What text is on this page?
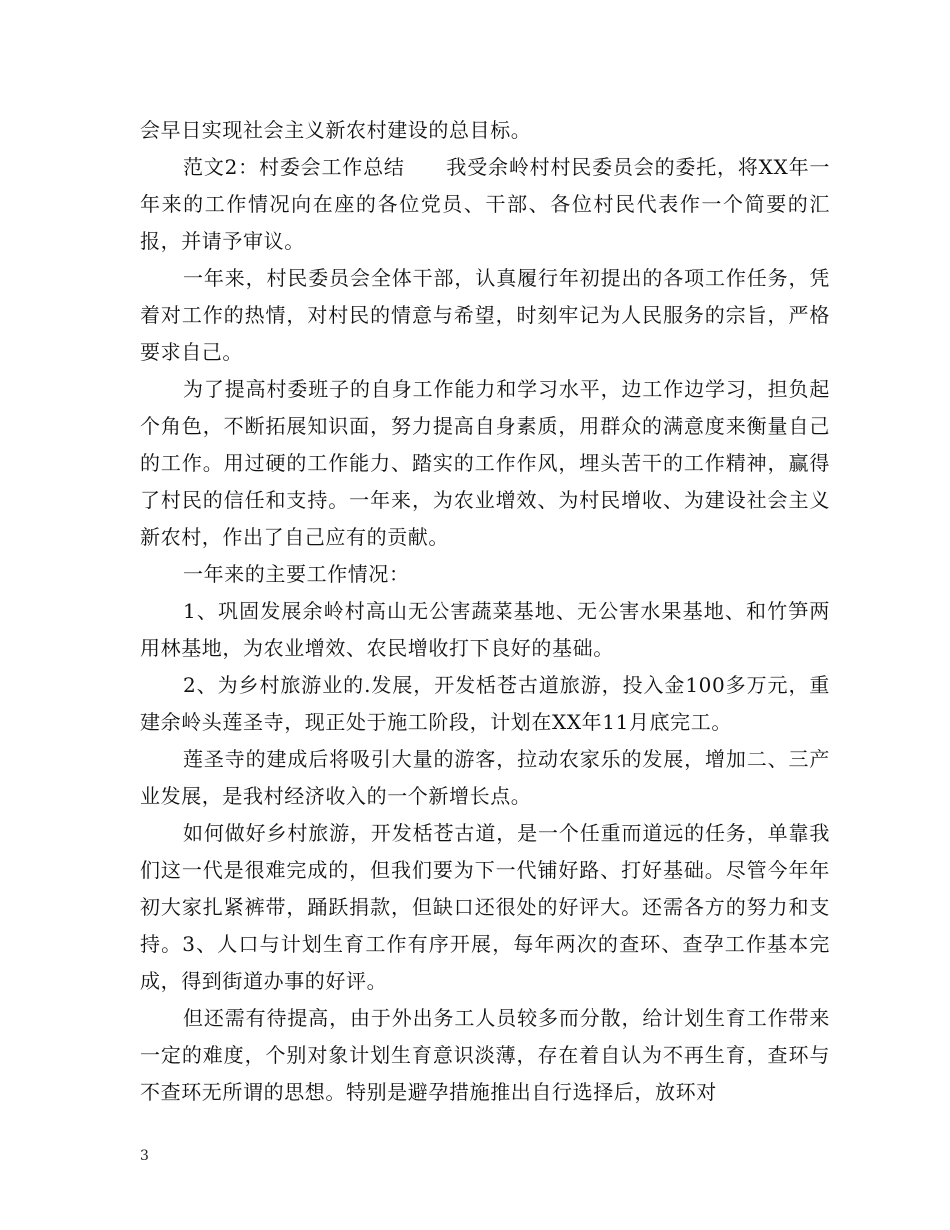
会早日实现社会主义新农村建设的总目标。

范文2：村委会工作总结　　我受余岭村村民委员会的委托，将XX年一年来的工作情况向在座的各位党员、干部、各位村民代表作一个简要的汇报，并请予审议。

一年来，村民委员会全体干部，认真履行年初提出的各项工作任务，凭着对工作的热情，对村民的情意与希望，时刻牢记为人民服务的宗旨，严格要求自己。

为了提高村委班子的自身工作能力和学习水平，边工作边学习，担负起个角色，不断拓展知识面，努力提高自身素质，用群众的满意度来衡量自己的工作。用过硬的工作能力、踏实的工作作风，埋头苦干的工作精神，赢得了村民的信任和支持。一年来，为农业增效、为村民增收、为建设社会主义新农村，作出了自己应有的贡献。

一年来的主要工作情况：

1、巩固发展余岭村高山无公害蔬菜基地、无公害水果基地、和竹笋两用林基地，为农业增效、农民增收打下良好的基础。

2、为乡村旅游业的.发展，开发栝苍古道旅游，投入金100多万元，重建余岭头莲圣寺，现正处于施工阶段，计划在XX年11月底完工。

莲圣寺的建成后将吸引大量的游客，拉动农家乐的发展，增加二、三产业发展，是我村经济收入的一个新增长点。

如何做好乡村旅游，开发栝苍古道，是一个任重而道远的任务，单靠我们这一代是很难完成的，但我们要为下一代铺好路、打好基础。尽管今年年初大家扎紧裤带，踊跃捐款，但缺口还很处的好评大。还需各方的努力和支持。3、人口与计划生育工作有序开展，每年两次的查环、查孕工作基本完成，得到街道办事的好评。

但还需有待提高，由于外出务工人员较多而分散，给计划生育工作带来一定的难度，个别对象计划生育意识淡薄，存在着自认为不再生育，查环与不查环无所谓的思想。特别是避孕措施推出自行选择后，放环对

3
